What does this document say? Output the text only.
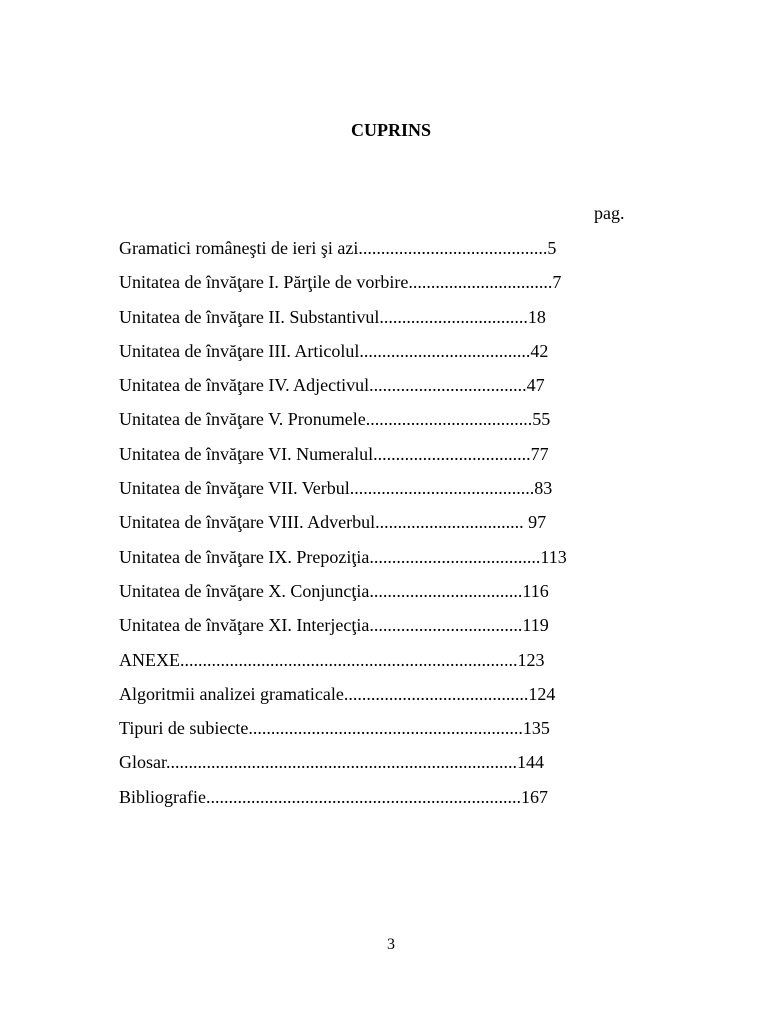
CUPRINS
pag.
Gramatici româneşti de ieri şi azi..........................................5
Unitatea de învăţare I. Părţile de vorbire................................7
Unitatea de învăţare II. Substantivul.................................18
Unitatea de învăţare III. Articolul......................................42
Unitatea de învăţare IV. Adjectivul...................................47
Unitatea de învăţare V. Pronumele.....................................55
Unitatea de învăţare VI. Numeralul...................................77
Unitatea de învăţare VII. Verbul.........................................83
Unitatea de învăţare VIII. Adverbul................................. 97
Unitatea de învăţare IX. Prepoziţia......................................113
Unitatea de învăţare X. Conjuncţia..................................116
Unitatea de învăţare XI. Interjecţia..................................119
ANEXE...........................................................................123
Algoritmii analizei gramaticale.........................................124
Tipuri de subiecte.............................................................135
Glosar..............................................................................144
Bibliografie......................................................................167
3
